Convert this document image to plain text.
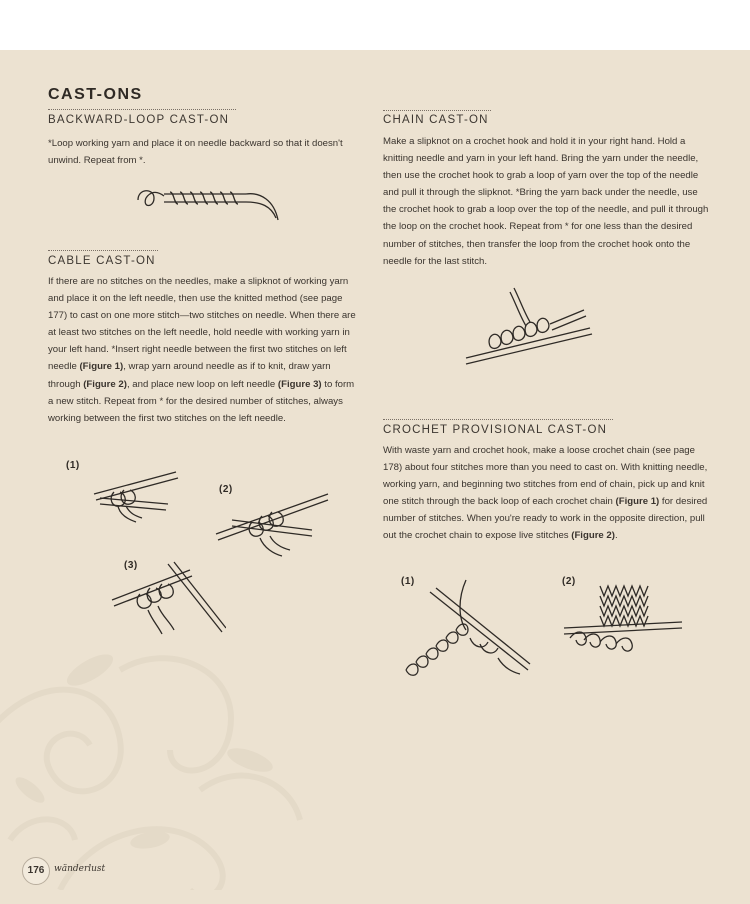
CAST-ONS
BACKWARD-LOOP CAST-ON

*Loop working yarn and place it on needle backward so that it doesn't unwind. Repeat from *.

CABLE CAST-ON

If there are no stitches on the needles, make a slipknot of working yarn and place it on the left needle, then use the knitted method (see page 177) to cast on one more stitch—two stitches on needle. When there are at least two stitches on the left needle, hold needle with working yarn in your left hand. *Insert right needle between the first two stitches on left needle (Figure 1), wrap yarn around needle as if to knit, draw yarn through (Figure 2), and place new loop on left needle (Figure 3) to form a new stitch. Repeat from * for the desired number of stitches, always working between the first two stitches on the left needle.

(1)
(2)
(3)
CHAIN CAST-ON

Make a slipknot on a crochet hook and hold it in your right hand. Hold a knitting needle and yarn in your left hand. Bring the yarn under the needle, then use the crochet hook to grab a loop of yarn over the top of the needle and pull it through the slipknot. *Bring the yarn back under the needle, use the crochet hook to grab a loop over the top of the needle, and pull it through the loop on the crochet hook. Repeat from * for one less than the desired number of stitches, then transfer the loop from the crochet hook onto the needle for the last stitch.

CROCHET PROVISIONAL CAST-ON

With waste yarn and crochet hook, make a loose crochet chain (see page 178) about four stitches more than you need to cast on. With knitting needle, working yarn, and beginning two stitches from end of chain, pick up and knit one stitch through the back loop of each crochet chain (Figure 1) for desired number of stitches. When you're ready to work in the opposite direction, pull out the crochet chain to expose live stitches (Figure 2).

(1)	(2)
176	wänderlust
